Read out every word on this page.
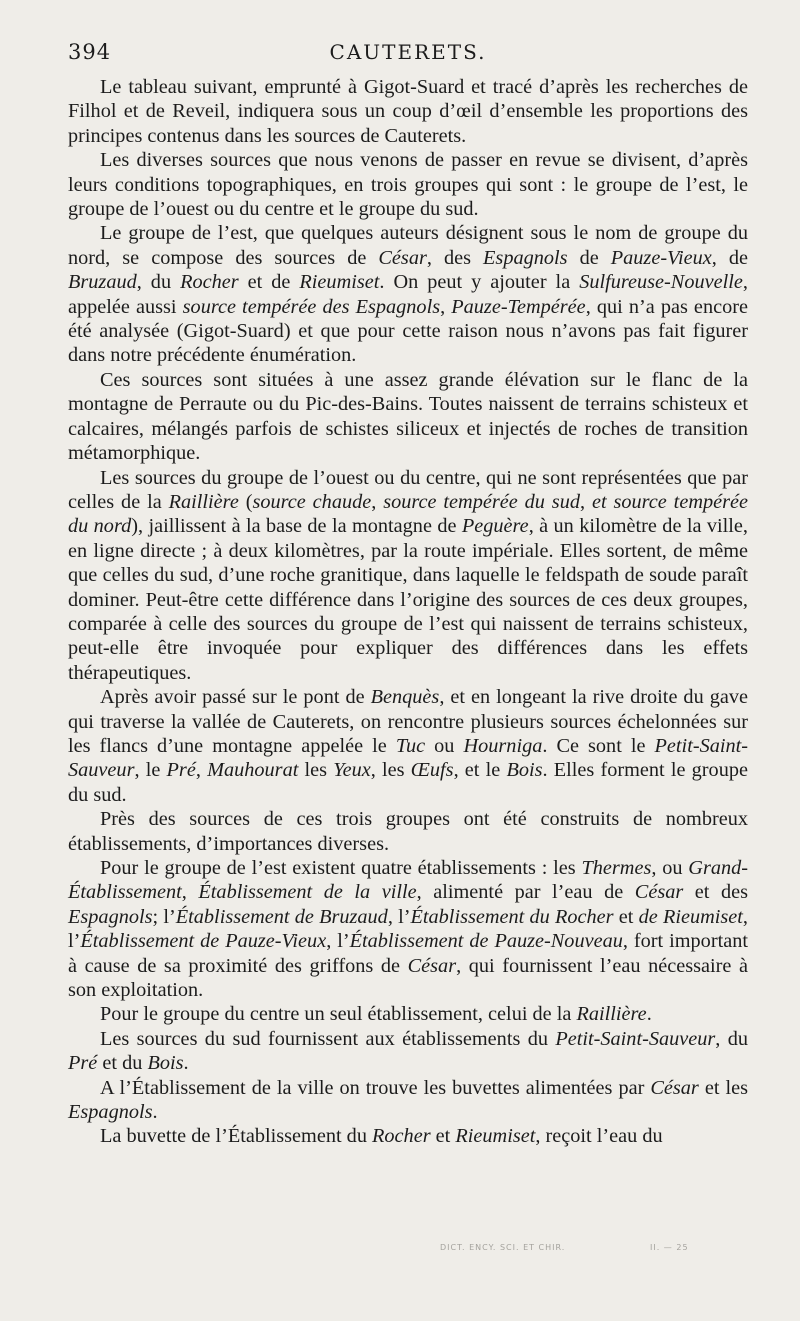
394	CAUTERETS.

Le tableau suivant, emprunté à Gigot-Suard et tracé d’après les recherches de Filhol et de Reveil, indiquera sous un coup d’œil d’ensemble les proportions des principes contenus dans les sources de Cauterets.

Les diverses sources que nous venons de passer en revue se divisent, d’après leurs conditions topographiques, en trois groupes qui sont : le groupe de l’est, le groupe de l’ouest ou du centre et le groupe du sud.

Le groupe de l’est, que quelques auteurs désignent sous le nom de groupe du nord, se compose des sources de César, des Espagnols de Pauze-Vieux, de Bruzaud, du Rocher et de Rieumiset. On peut y ajouter la Sulfureuse-Nouvelle, appelée aussi source tempérée des Espagnols, Pauze-Tempérée, qui n’a pas encore été analysée (Gigot-Suard) et que pour cette raison nous n’avons pas fait figurer dans notre précédente énumération.

Ces sources sont situées à une assez grande élévation sur le flanc de la montagne de Perraute ou du Pic-des-Bains. Toutes naissent de terrains schisteux et calcaires, mélangés parfois de schistes siliceux et injectés de roches de transition métamorphique.

Les sources du groupe de l’ouest ou du centre, qui ne sont représentées que par celles de la Raillière (source chaude, source tempérée du sud, et source tempérée du nord), jaillissent à la base de la montagne de Peguère, à un kilomètre de la ville, en ligne directe ; à deux kilomètres, par la route impériale. Elles sortent, de même que celles du sud, d’une roche granitique, dans laquelle le feldspath de soude paraît dominer. Peut-être cette différence dans l’origine des sources de ces deux groupes, comparée à celle des sources du groupe de l’est qui naissent de terrains schisteux, peut-elle être invoquée pour expliquer des différences dans les effets thérapeutiques.

Après avoir passé sur le pont de Benquès, et en longeant la rive droite du gave qui traverse la vallée de Cauterets, on rencontre plusieurs sources échelonnées sur les flancs d’une montagne appelée le Tuc ou Hourniga. Ce sont le Petit-Saint-Sauveur, le Pré, Mauhourat les Yeux, les Œufs, et le Bois. Elles forment le groupe du sud.

Près des sources de ces trois groupes ont été construits de nombreux établissements, d’importances diverses.

Pour le groupe de l’est existent quatre établissements : les Thermes, ou Grand-Établissement, Établissement de la ville, alimenté par l’eau de César et des Espagnols; l’Établissement de Bruzaud, l’Établissement du Rocher et de Rieumiset, l’Établissement de Pauze-Vieux, l’Établissement de Pauze-Nouveau, fort important à cause de sa proximité des griffons de César, qui fournissent l’eau nécessaire à son exploitation.

Pour le groupe du centre un seul établissement, celui de la Raillière.

Les sources du sud fournissent aux établissements du Petit-Saint-Sauveur, du Pré et du Bois.

A l’Établissement de la ville on trouve les buvettes alimentées par César et les Espagnols.

La buvette de l’Établissement du Rocher et Rieumiset, reçoit l’eau du

DICT. ENCY. SCI. ET CHIR.	II. — 25
